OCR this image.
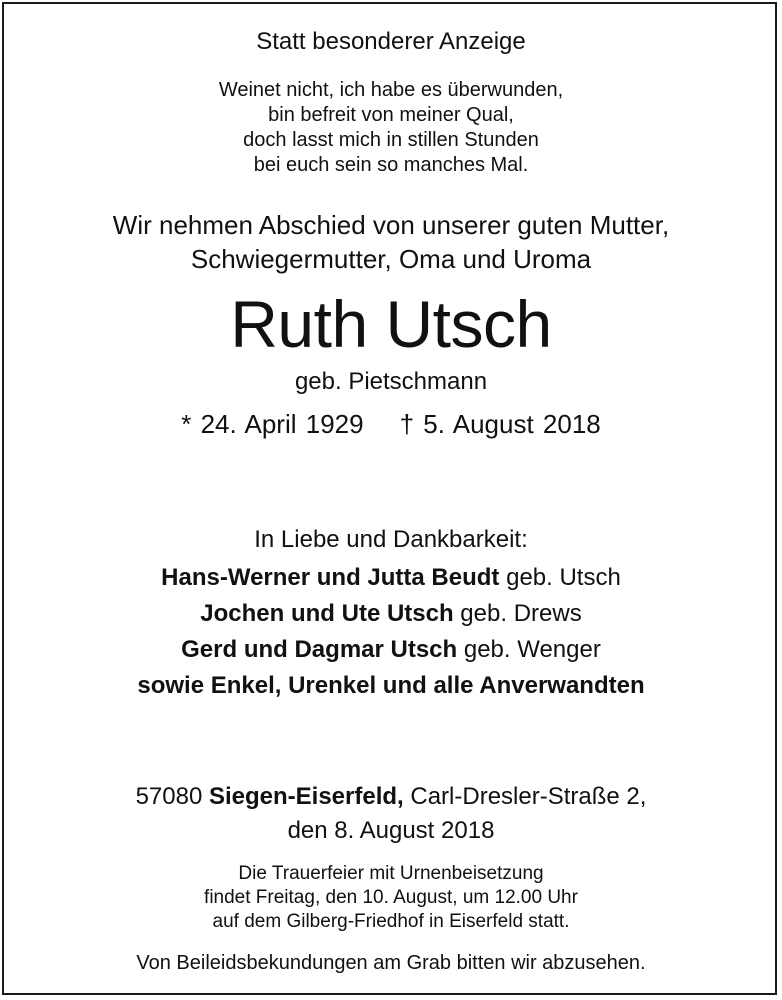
Statt besonderer Anzeige

Weinet nicht, ich habe es überwunden,

bin befreit von meiner Qual,

doch lasst mich in stillen Stunden

bei euch sein so manches Mal.

Wir nehmen Abschied von unserer guten Mutter,

Schwiegermutter, Oma und Uroma

Ruth Utsch
geb. Pietschmann
* 24. April 1929 † 5. August 2018
In Liebe und Dankbarkeit:

Hans-Werner und Jutta Beudt geb. Utsch

Jochen und Ute Utsch geb. Drews

Gerd und Dagmar Utsch geb. Wenger

sowie Enkel, Urenkel und alle Anverwandten

57080 Siegen-Eiserfeld, Carl-Dresler-Straße 2,

den 8. August 2018

Die Trauerfeier mit Urnenbeisetzung

findet Freitag, den 10. August, um 12.00 Uhr

auf dem Gilberg-Friedhof in Eiserfeld statt.

Von Beileidsbekundungen am Grab bitten wir abzusehen.
